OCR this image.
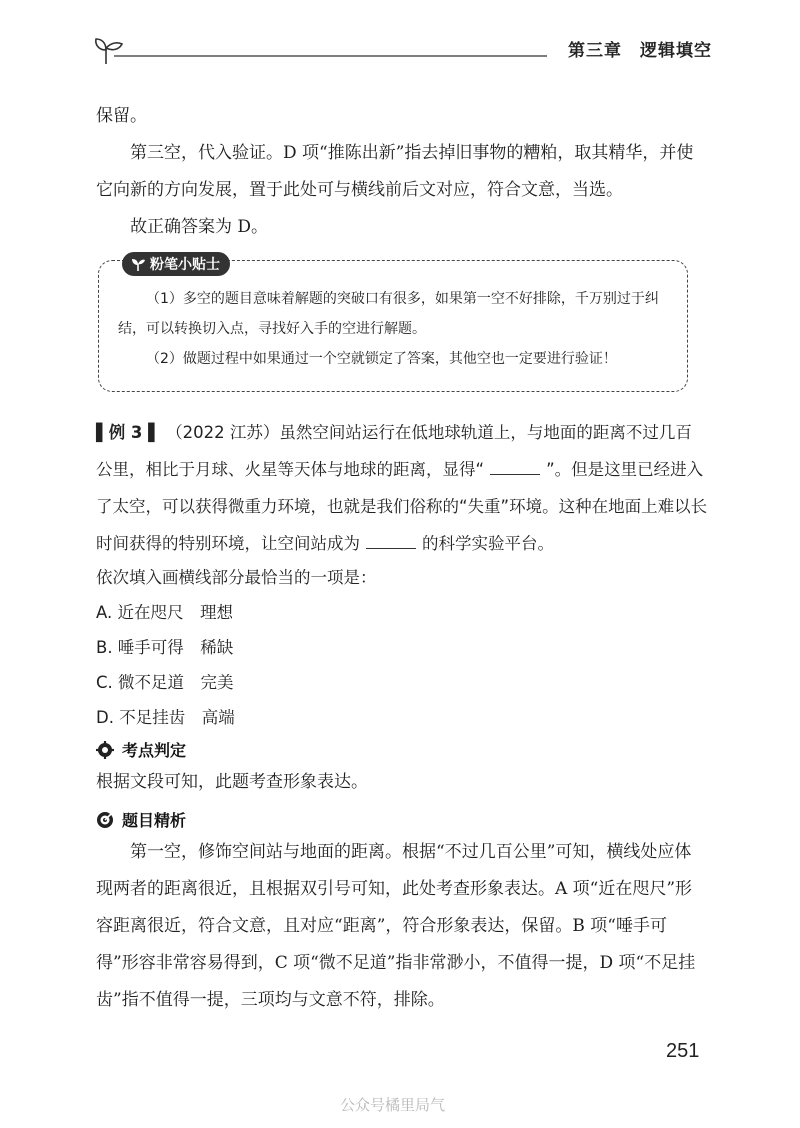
第三章　逻辑填空

保留。

第三空，代入验证。D 项“推陈出新”指去掉旧事物的糟粕，取其精华，并使它向新的方向发展，置于此处可与横线前后文对应，符合文意，当选。

故正确答案为 D。

粉笔小贴士

（1）多空的题目意味着解题的突破口有很多，如果第一空不好排除，千万别过于纠结，可以转换切入点，寻找好入手的空进行解题。

（2）做题过程中如果通过一个空就锁定了答案，其他空也一定要进行验证！

▌例 3 ▌ （2022 江苏）虽然空间站运行在低地球轨道上，与地面的距离不过几百公里，相比于月球、火星等天体与地球的距离，显得“	”。但是这里已经进入了太空，可以获得微重力环境，也就是我们俗称的“失重”环境。这种在地面上难以长时间获得的特别环境，让空间站成为	的科学实验平台。

依次填入画横线部分最恰当的一项是：

A. 近在咫尺　理想

B. 唾手可得　稀缺

C. 微不足道　完美

D. 不足挂齿　高端

考点判定

根据文段可知，此题考查形象表达。

题目精析

第一空，修饰空间站与地面的距离。根据“不过几百公里”可知，横线处应体现两者的距离很近，且根据双引号可知，此处考查形象表达。A 项“近在咫尺”形容距离很近，符合文意，且对应“距离”，符合形象表达，保留。B 项“唾手可得”形容非常容易得到，C 项“微不足道”指非常渺小，不值得一提，D 项“不足挂齿”指不值得一提，三项均与文意不符，排除。

251
公众号橘里局气
